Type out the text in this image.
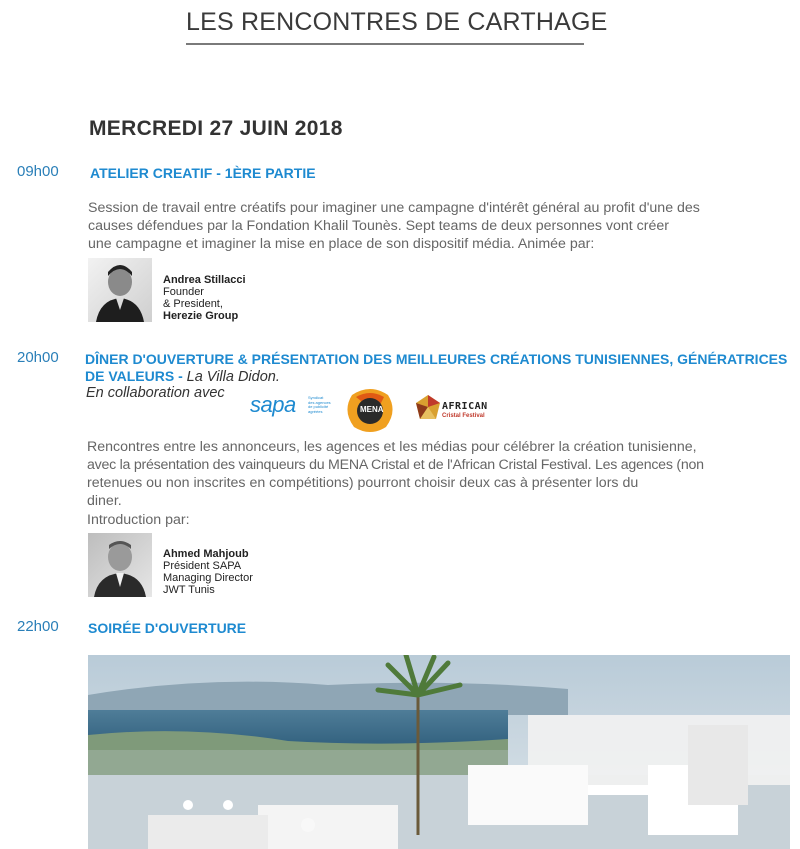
LES RENCONTRES DE CARTHAGE
MERCREDI 27 JUIN 2018
09h00 ATELIER CREATIF - 1ÈRE PARTIE
Session de travail entre créatifs pour imaginer une campagne d'intérêt général au profit d'une des
causes défendues par la Fondation Khalil Tounès. Sept teams de deux personnes vont créer
une campagne et imaginer la mise en place de son dispositif média. Animée par:
Andrea Stillacci
Founder
& President,
Herezie Group
20h00 DÎNER D'OUVERTURE & PRÉSENTATION DES MEILLEURES CRÉATIONS TUNISIENNES, GÉNÉRATRICES
DE VALEURS - La Villa Didon.
En collaboration avec sapa	Syndicat
des agences
de publicité
agréées	MENA	AFRICAN
Cristal Festival
Rencontres entre les annonceurs, les agences et les médias pour célébrer la création tunisienne,
avec la présentation des vainqueurs du MENA Cristal et de l'African Cristal Festival. Les agences (non
retenues ou non inscrites en compétitions) pourront choisir deux cas à présenter lors du
diner.
Introduction par:
Ahmed Mahjoub
Président SAPA
Managing Director
JWT Tunis
22h00 SOIRÉE D'OUVERTURE
